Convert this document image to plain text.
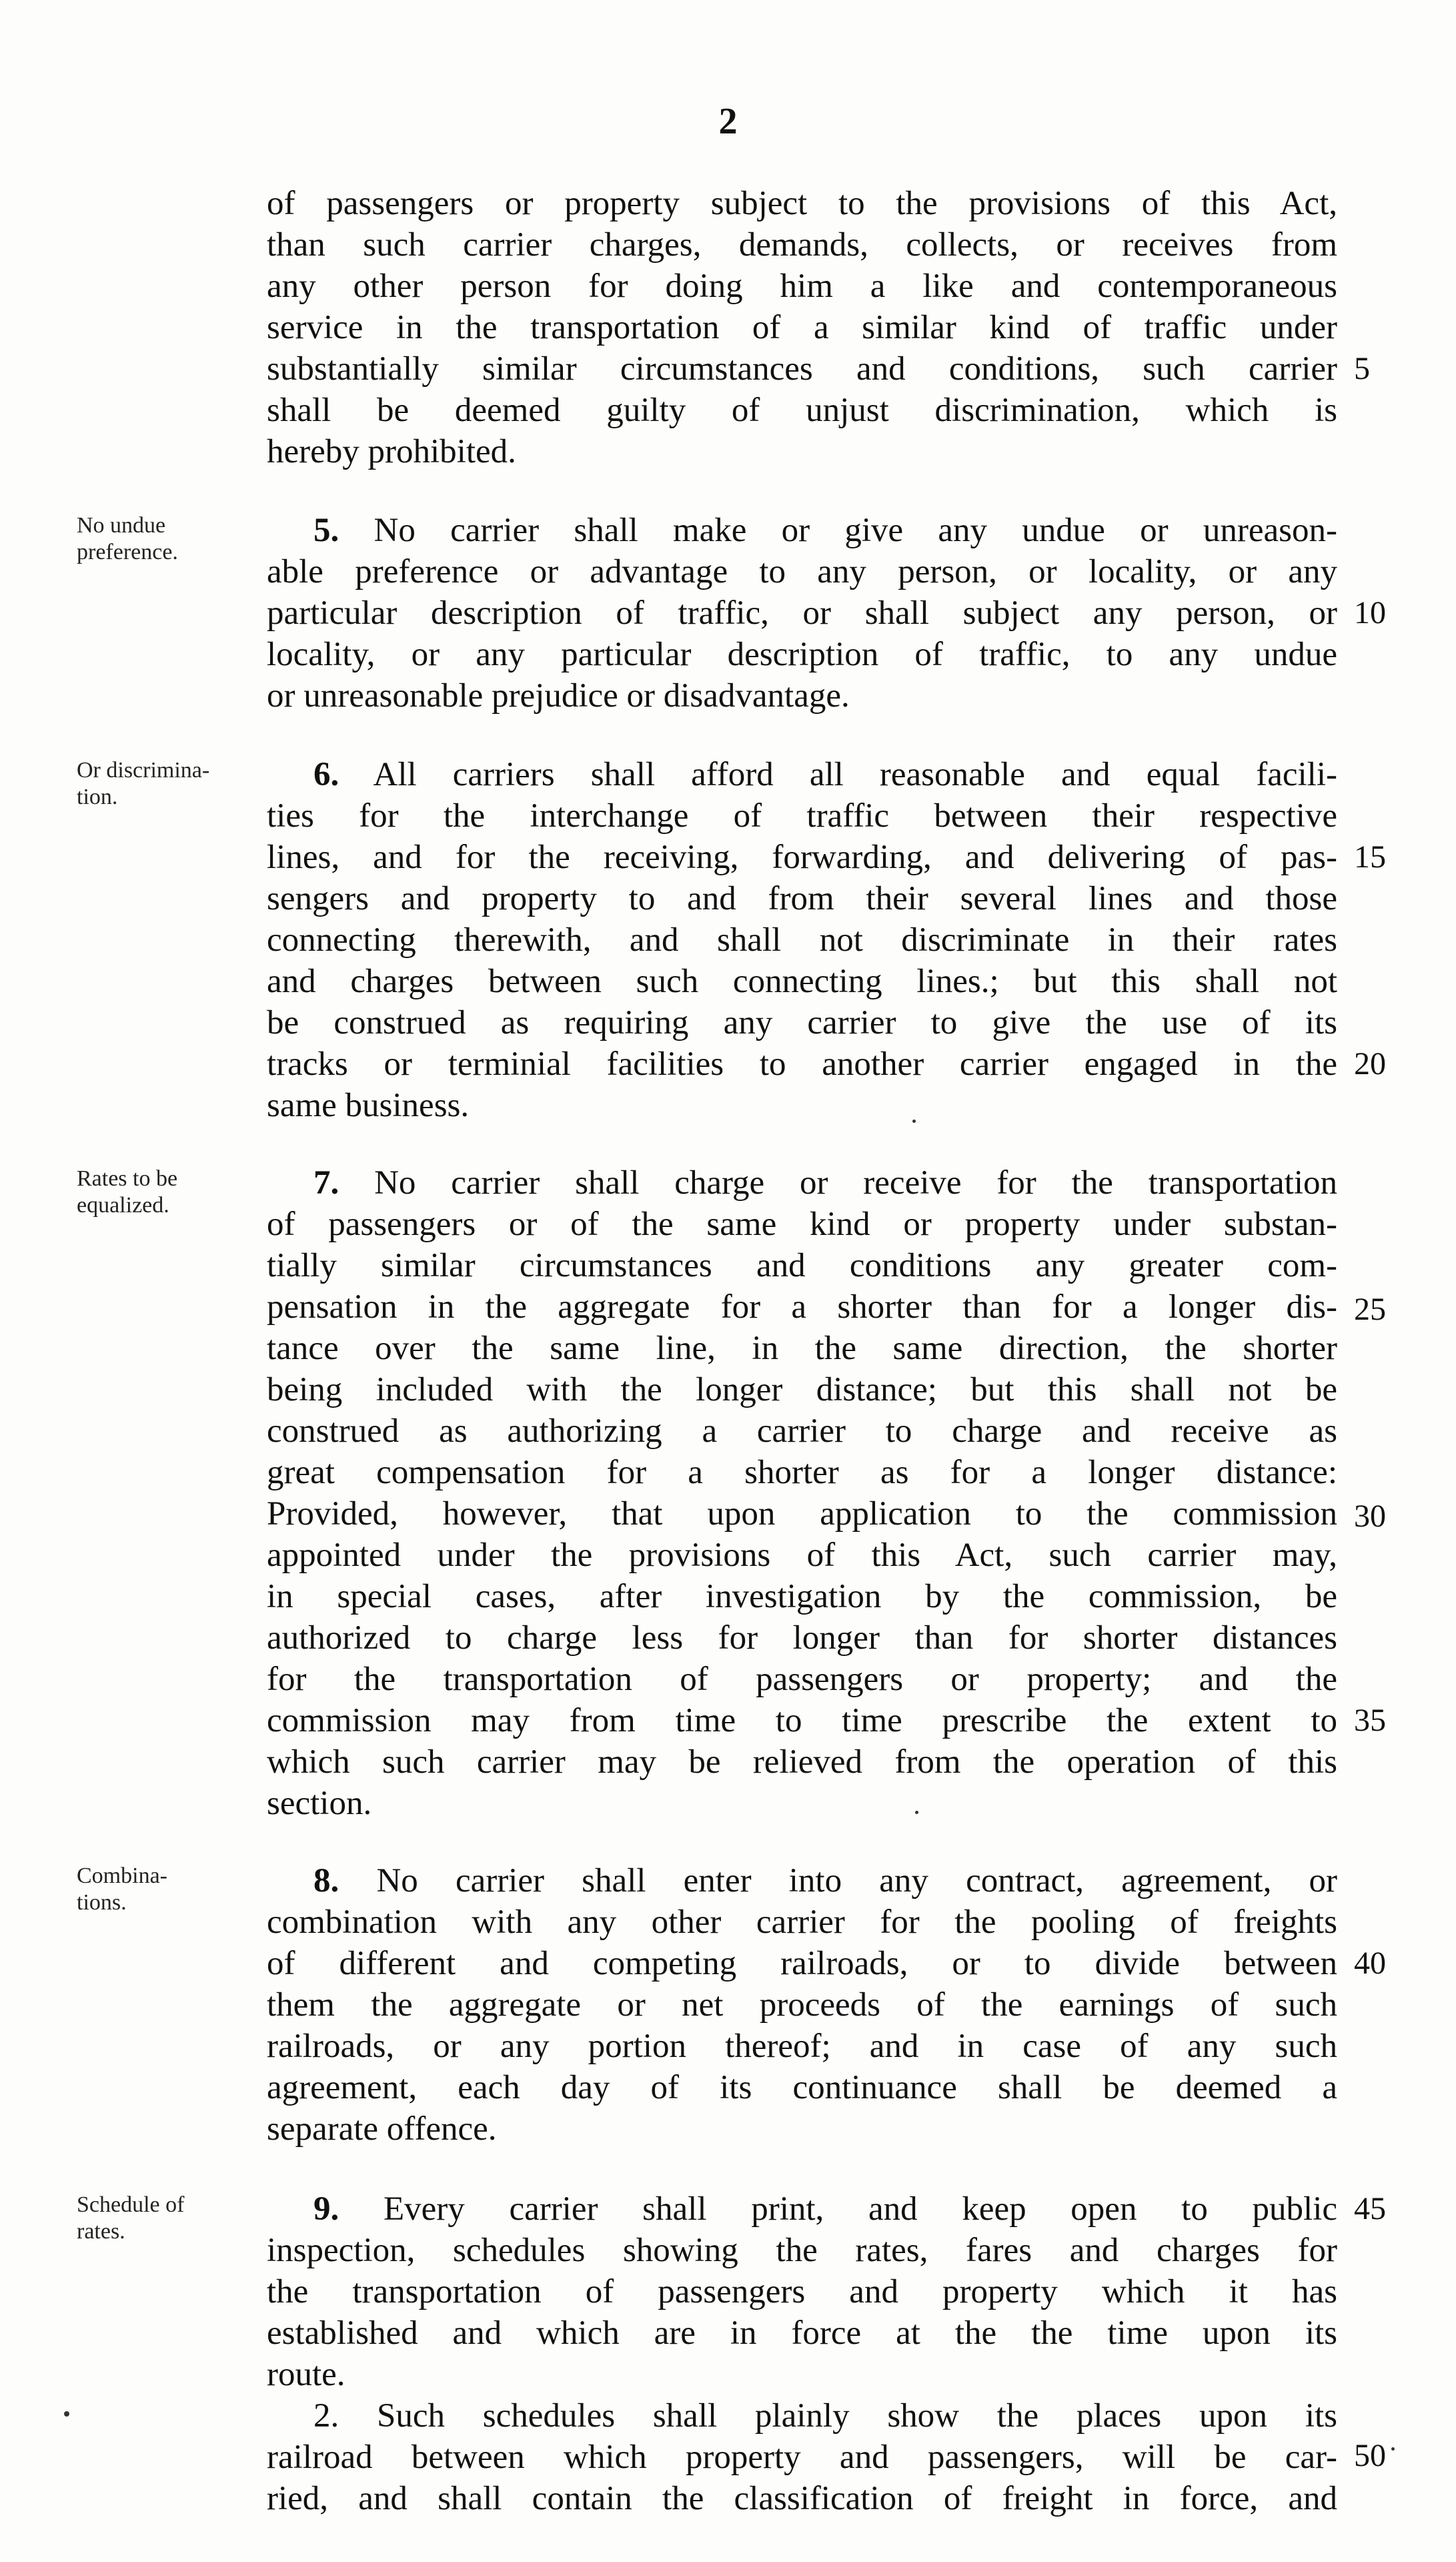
2
of passengers or property subject to the provisions of this Act,
than such carrier charges, demands, collects, or receives from
any other person for doing him a like and contemporaneous
service in the transportation of a similar kind of traffic under
substantially similar circumstances and conditions, such carrier
shall be deemed guilty of unjust discrimination, which is
hereby prohibited.
No undue
preference.
5. No carrier shall make or give any undue or unreason-
able preference or advantage to any person, or locality, or any
particular description of traffic, or shall subject any person, or
locality, or any particular description of traffic, to any undue
or unreasonable prejudice or disadvantage.
Or discrimina-
tion.
6. All carriers shall afford all reasonable and equal facili-
ties for the interchange of traffic between their respective
lines, and for the receiving, forwarding, and delivering of pas-
sengers and property to and from their several lines and those
connecting therewith, and shall not discriminate in their rates
and charges between such connecting lines.; but this shall not
be construed as requiring any carrier to give the use of its
tracks or terminial facilities to another carrier engaged in the
same business.
Rates to be
equalized.
7. No carrier shall charge or receive for the transportation
of passengers or of the same kind or property under substan-
tially similar circumstances and conditions any greater com-
pensation in the aggregate for a shorter than for a longer dis-
tance over the same line, in the same direction, the shorter
being included with the longer distance; but this shall not be
construed as authorizing a carrier to charge and receive as
great compensation for a shorter as for a longer distance:
Provided, however, that upon application to the commission
appointed under the provisions of this Act, such carrier may,
in special cases, after investigation by the commission, be
authorized to charge less for longer than for shorter distances
for the transportation of passengers or property; and the
commission may from time to time prescribe the extent to
which such carrier may be relieved from the operation of this
section.
Combina-
tions.
8. No carrier shall enter into any contract, agreement, or
combination with any other carrier for the pooling of freights
of different and competing railroads, or to divide between
them the aggregate or net proceeds of the earnings of such
railroads, or any portion thereof; and in case of any such
agreement, each day of its continuance shall be deemed a
separate offence.
Schedule of
rates.
9. Every carrier shall print, and keep open to public
inspection, schedules showing the rates, fares and charges for
the transportation of passengers and property which it has
established and which are in force at the the time upon its
route.
2. Such schedules shall plainly show the places upon its
railroad between which property and passengers, will be car-
ried, and shall contain the classification of freight in force, and
5
10
15
20
25
30
35
40
45
50
